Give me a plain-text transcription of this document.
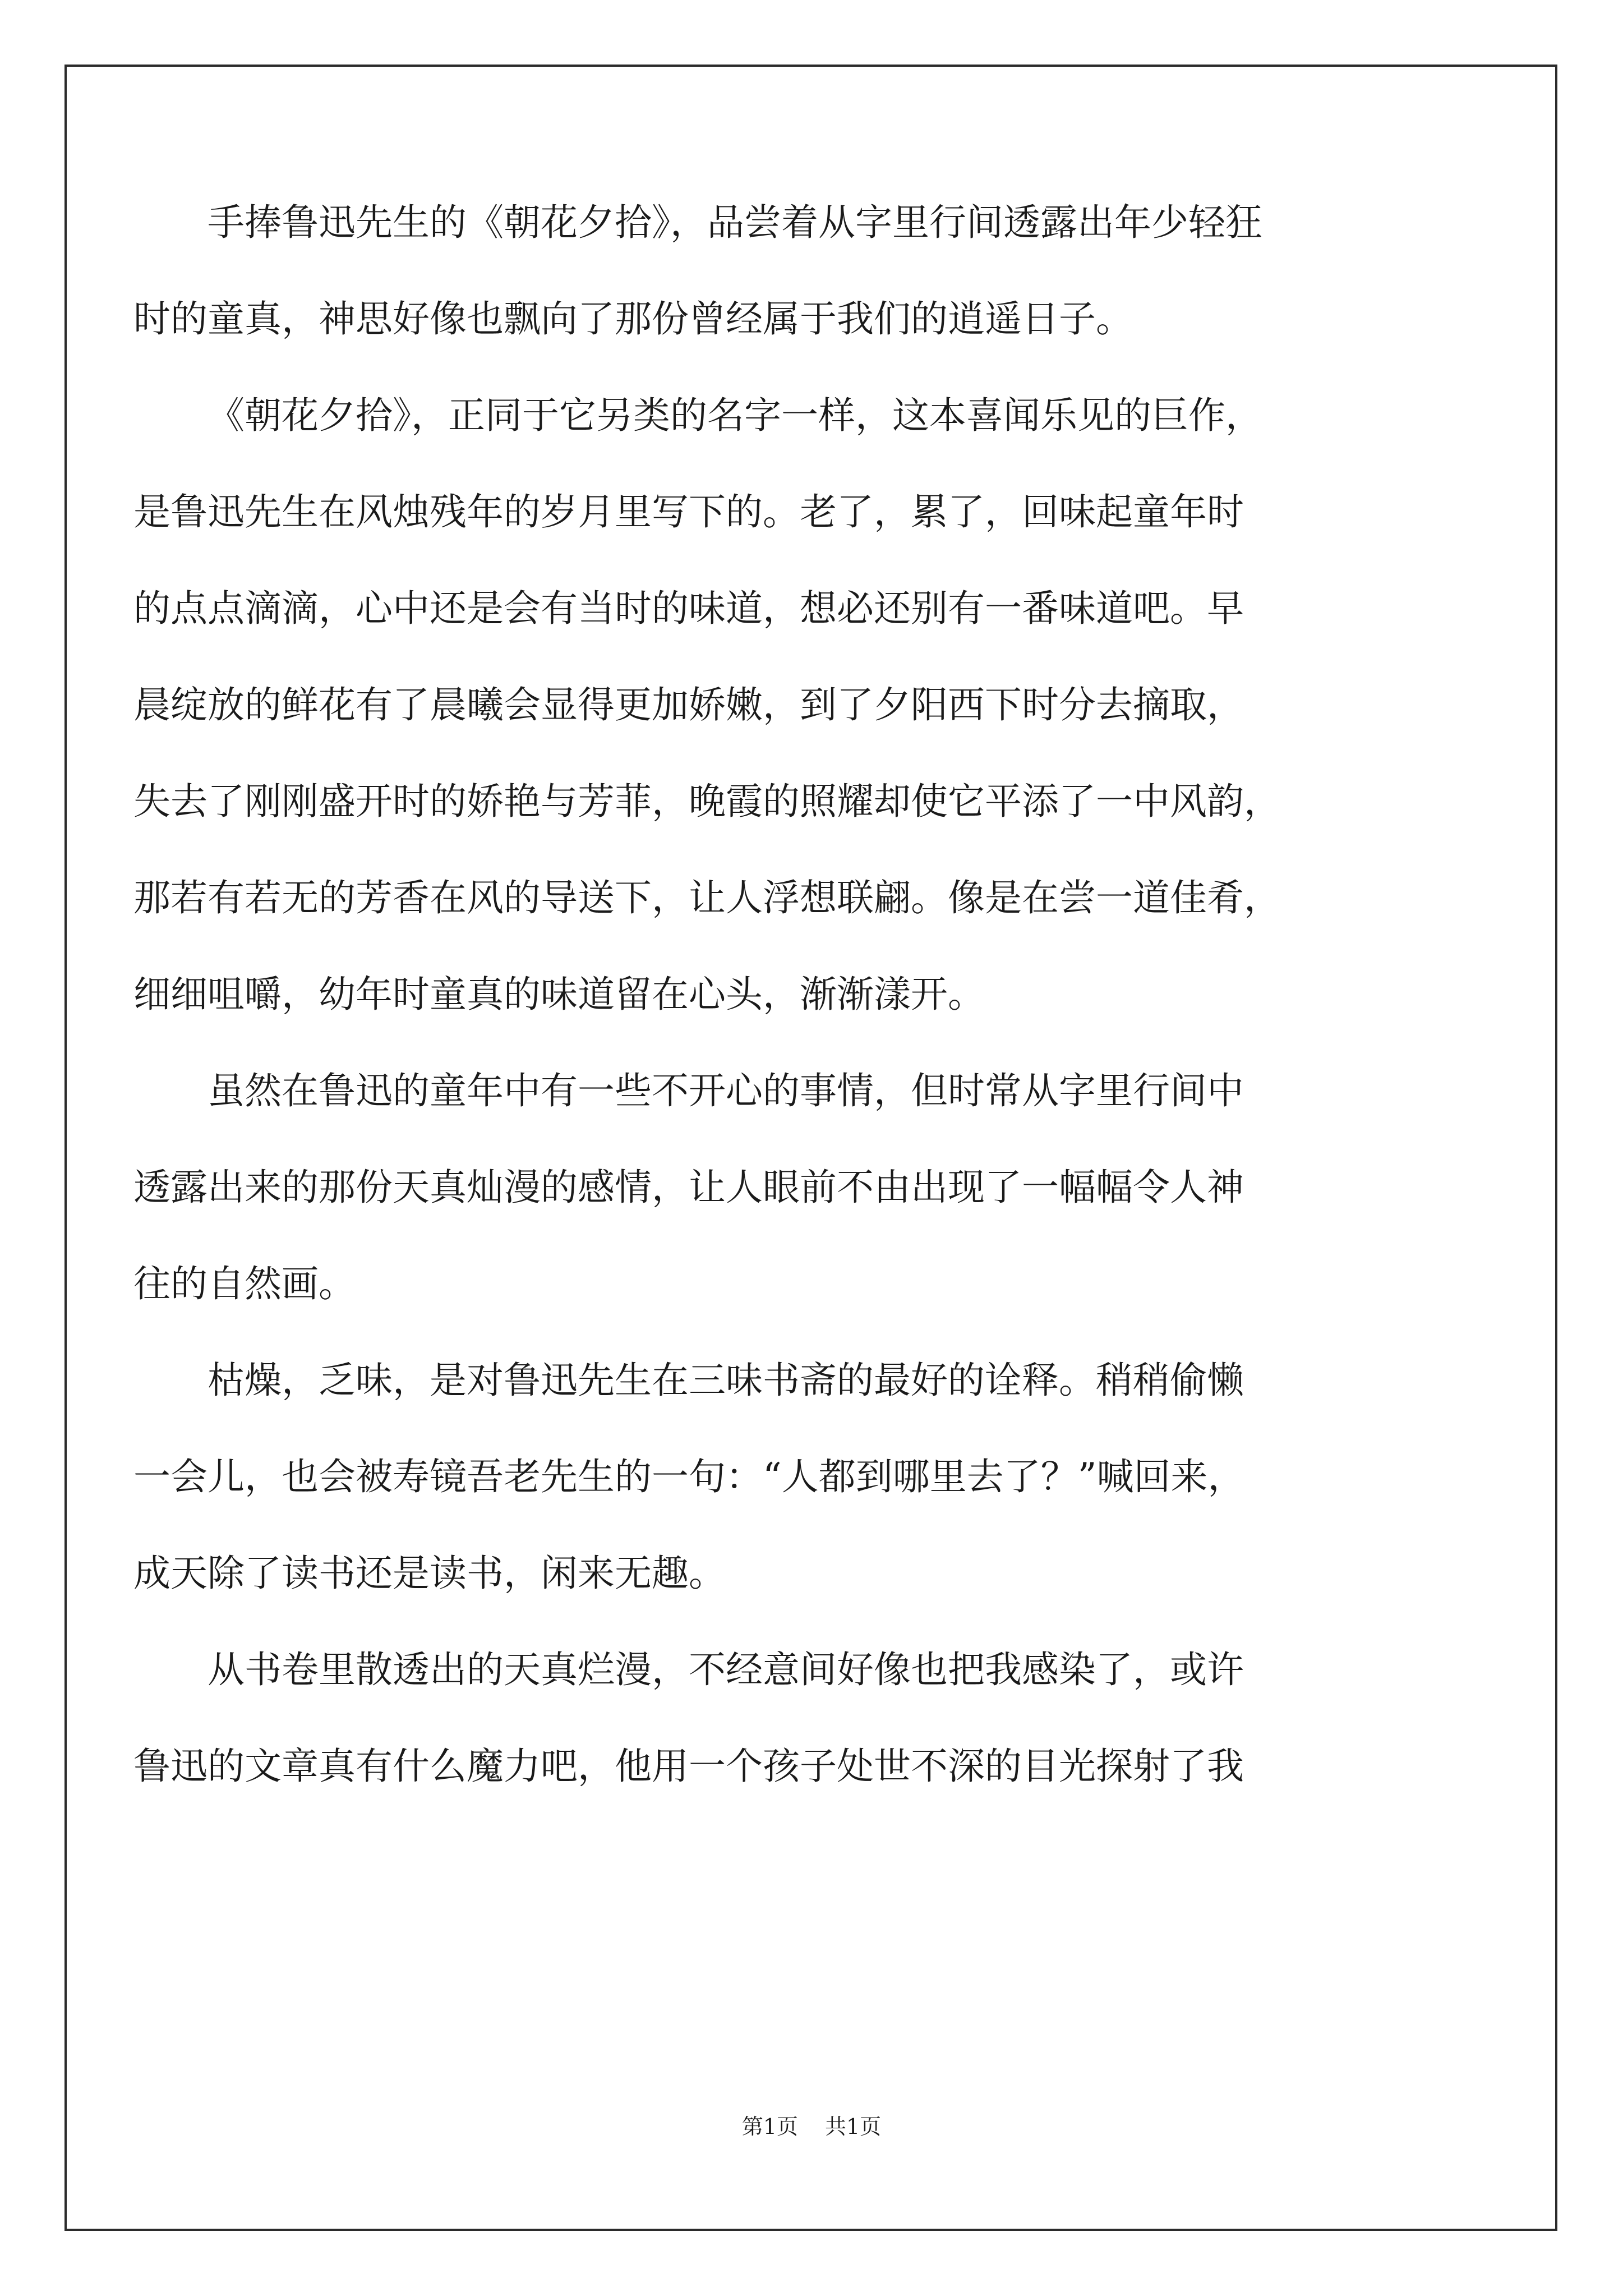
手捧鲁迅先生的《朝花夕拾》，品尝着从字里行间透露出年少轻狂
时的童真，神思好像也飘向了那份曾经属于我们的逍遥日子。
《朝花夕拾》，正同于它另类的名字一样，这本喜闻乐见的巨作，
是鲁迅先生在风烛残年的岁月里写下的。老了，累了，回味起童年时
的点点滴滴，心中还是会有当时的味道，想必还别有一番味道吧。早
晨绽放的鲜花有了晨曦会显得更加娇嫩，到了夕阳西下时分去摘取，
失去了刚刚盛开时的娇艳与芳菲，晚霞的照耀却使它平添了一中风韵，
那若有若无的芳香在风的导送下，让人浮想联翩。像是在尝一道佳肴，
细细咀嚼，幼年时童真的味道留在心头，渐渐漾开。
虽然在鲁迅的童年中有一些不开心的事情，但时常从字里行间中
透露出来的那份天真灿漫的感情，让人眼前不由出现了一幅幅令人神
往的自然画。
枯燥，乏味，是对鲁迅先生在三味书斋的最好的诠释。稍稍偷懒
一会儿，也会被寿镜吾老先生的一句：“人都到哪里去了？”喊回来，
成天除了读书还是读书，闲来无趣。
从书卷里散透出的天真烂漫，不经意间好像也把我感染了，或许
鲁迅的文章真有什么魔力吧，他用一个孩子处世不深的目光探射了我
第1页 共1页
